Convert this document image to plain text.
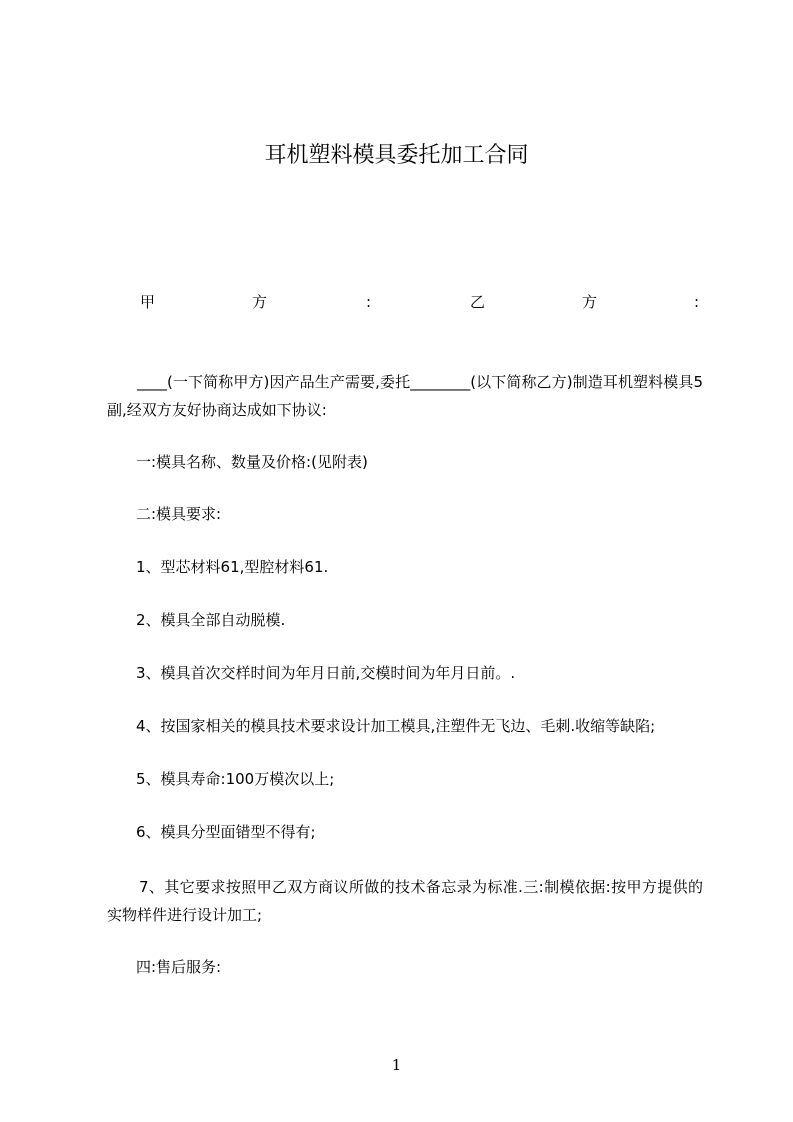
耳机塑料模具委托加工合同
甲	方	:	乙	方	:
____(一下简称甲方)因产品生产需要,委托________(以下简称乙方)制造耳机塑料模具5副,经双方友好协商达成如下协议:
一:模具名称、数量及价格:(见附表)
二:模具要求:
1、型芯材料61,型腔材料61.
2、模具全部自动脱模.
3、模具首次交样时间为年月日前,交模时间为年月日前。.
4、按国家相关的模具技术要求设计加工模具,注塑件无飞边、毛刺.收缩等缺陷;
5、模具寿命:100万模次以上;
6、模具分型面错型不得有;
7、其它要求按照甲乙双方商议所做的技术备忘录为标准.三:制模依据:按甲方提供的实物样件进行设计加工;
四:售后服务:
1
